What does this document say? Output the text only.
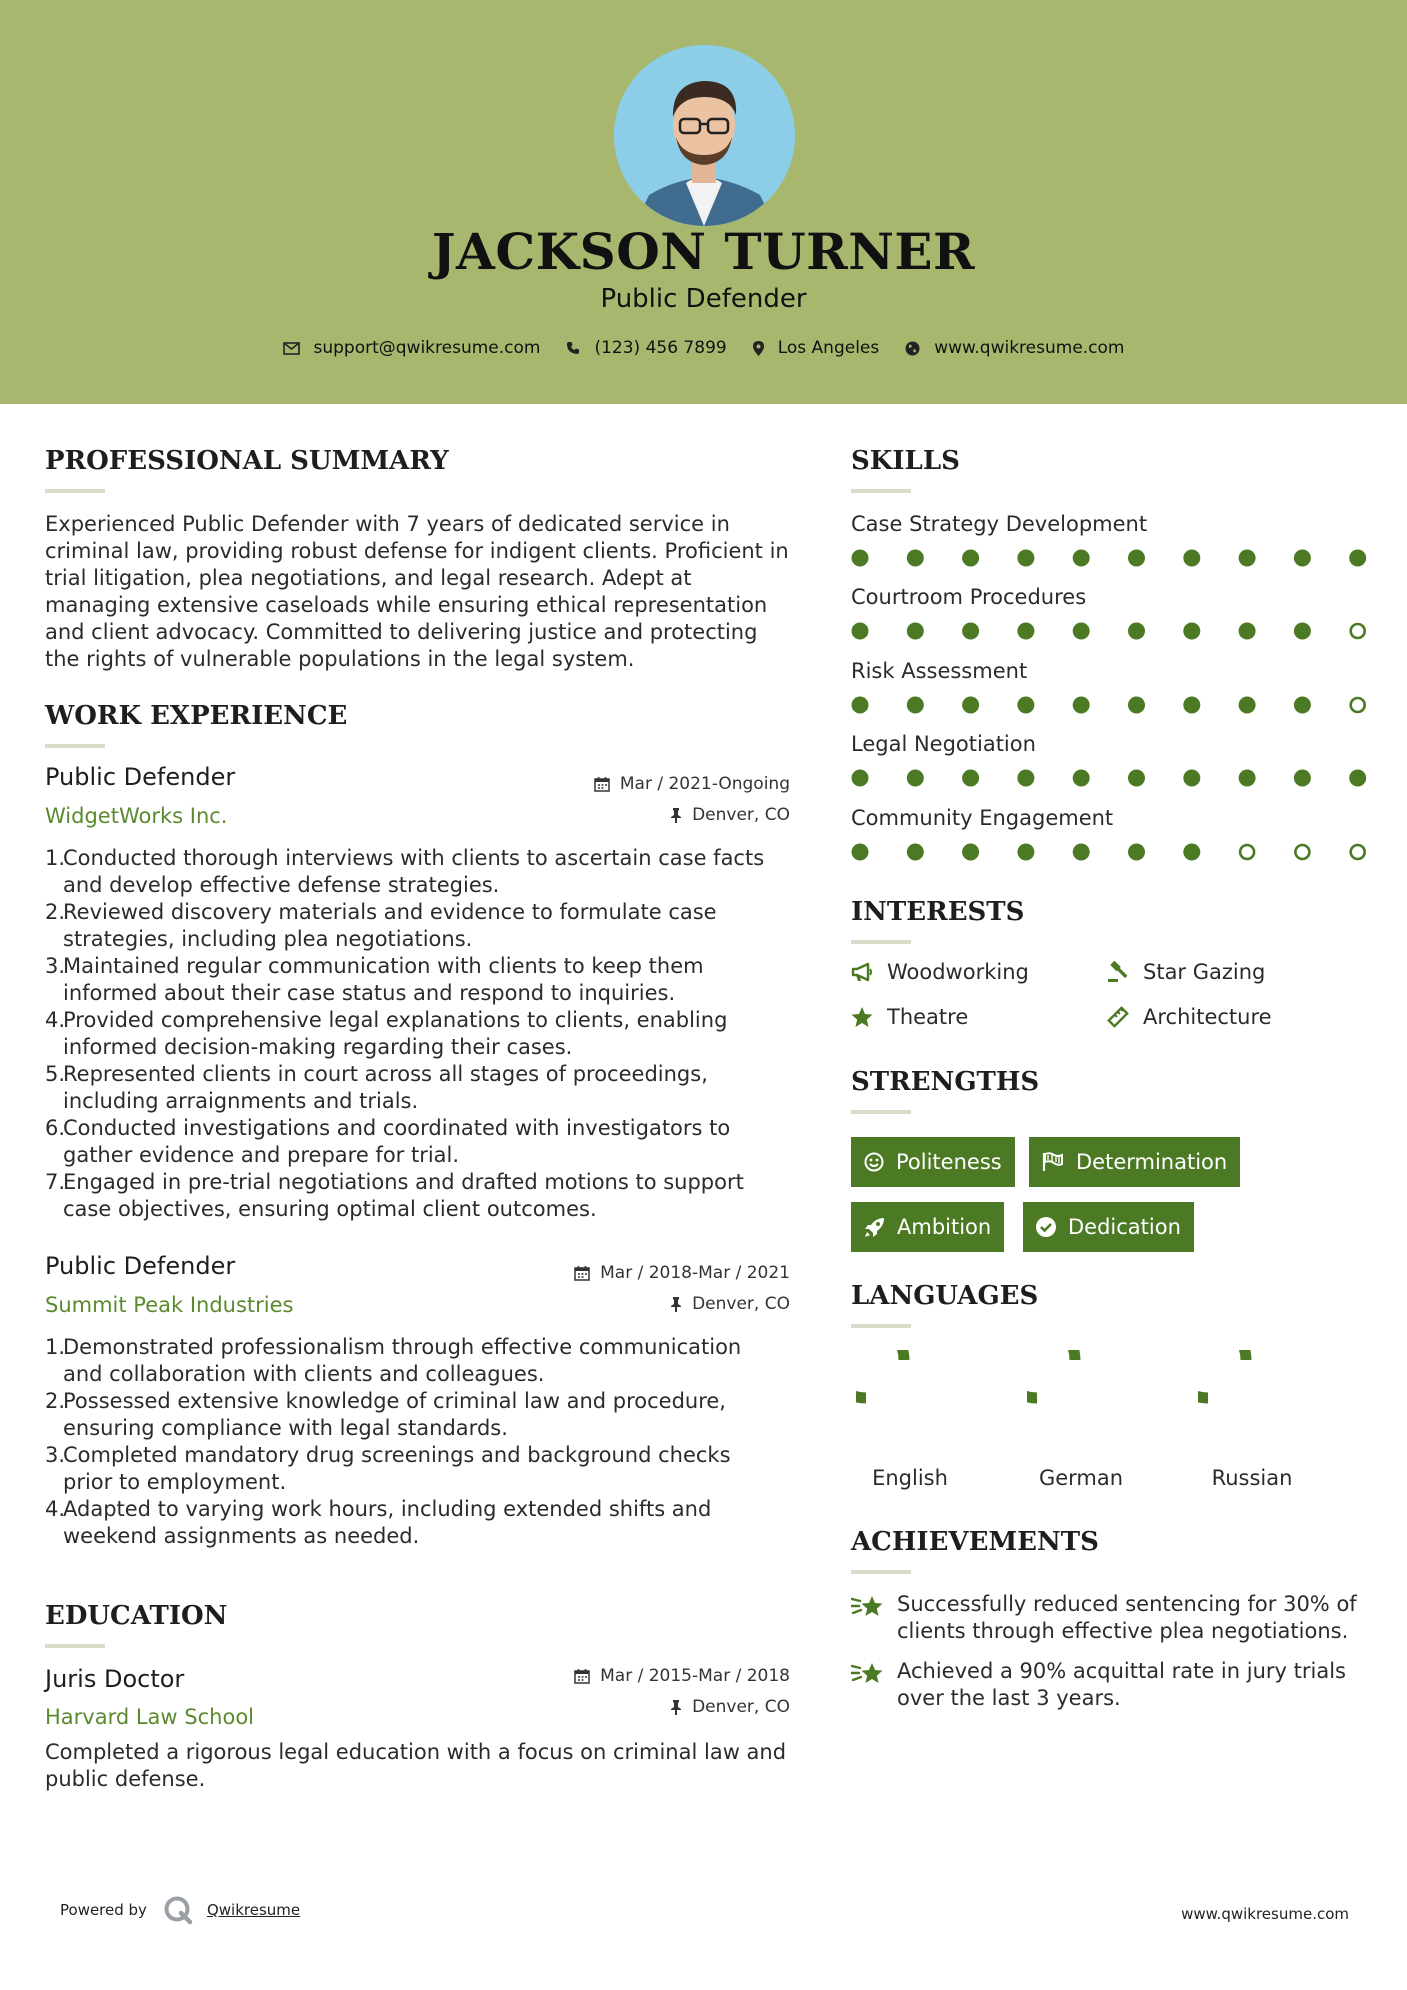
JACKSON TURNER
Public Defender
support@qwikresume.com	(123) 456 7899	Los Angeles	www.qwikresume.com
PROFESSIONAL SUMMARY
Experienced Public Defender with 7 years of dedicated service in
criminal law, providing robust defense for indigent clients. Proficient in
trial litigation, plea negotiations, and legal research. Adept at
managing extensive caseloads while ensuring ethical representation
and client advocacy. Committed to delivering justice and protecting
the rights of vulnerable populations in the legal system.
WORK EXPERIENCE
Public Defender
WidgetWorks Inc.
Mar / 2021-Ongoing
Denver, CO
1.
Conducted thorough interviews with clients to ascertain case facts
and develop effective defense strategies.
2.
Reviewed discovery materials and evidence to formulate case
strategies, including plea negotiations.
3.
Maintained regular communication with clients to keep them
informed about their case status and respond to inquiries.
4.
Provided comprehensive legal explanations to clients, enabling
informed decision-making regarding their cases.
5.
Represented clients in court across all stages of proceedings,
including arraignments and trials.
6.
Conducted investigations and coordinated with investigators to
gather evidence and prepare for trial.
7.
Engaged in pre-trial negotiations and drafted motions to support
case objectives, ensuring optimal client outcomes.
Public Defender
Summit Peak Industries
Mar / 2018-Mar / 2021
Denver, CO
1.
Demonstrated professionalism through effective communication
and collaboration with clients and colleagues.
2.
Possessed extensive knowledge of criminal law and procedure,
ensuring compliance with legal standards.
3.
Completed mandatory drug screenings and background checks
prior to employment.
4.
Adapted to varying work hours, including extended shifts and
weekend assignments as needed.
EDUCATION
Juris Doctor
Harvard Law School
Mar / 2015-Mar / 2018
Denver, CO
Completed a rigorous legal education with a focus on criminal law and
public defense.
SKILLS
Case Strategy Development
Courtroom Procedures
Risk Assessment
Legal Negotiation
Community Engagement
INTERESTS
Woodworking	Star Gazing
Theatre	Architecture
STRENGTHS
Politeness	Determination
Ambition	Dedication
LANGUAGES
English	German	Russian
ACHIEVEMENTS
Successfully reduced sentencing for 30% of
clients through effective plea negotiations.
Achieved a 90% acquittal rate in jury trials
over the last 3 years.
Powered by	Qwikresume	www.qwikresume.com
